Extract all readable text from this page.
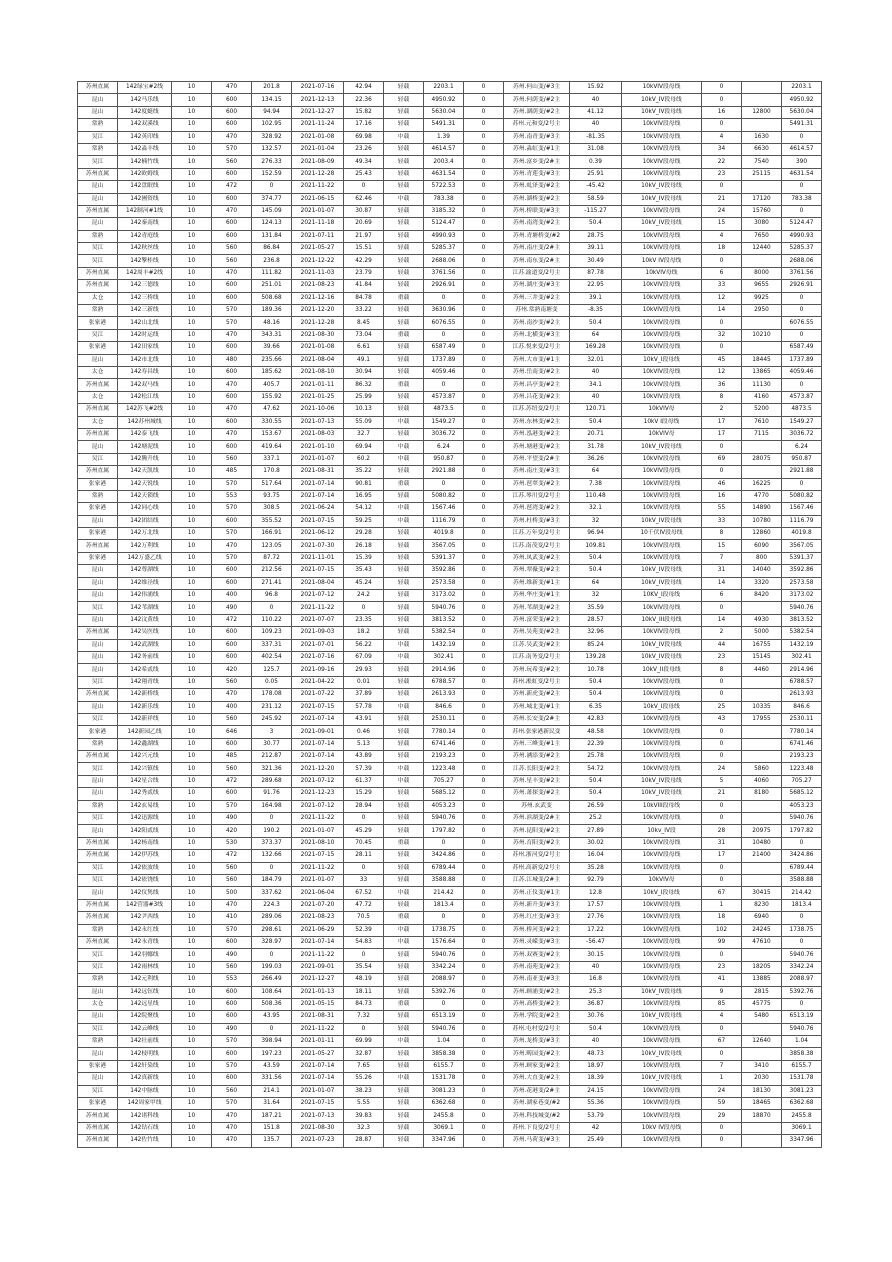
苏州直属	142绿宝#2线	10	470	201.8	2021-07-16	42.94	轻载	2203.1	0	苏州.何山变/#3主	15.92	10kVIV段母线	0		2203.1
昆山	142马乐线	10	600	134.15	2021-12-13	22.36	轻载	4950.92	0	苏州.何荫变/#2主	40	10kV_IV段母线	0		4950.92
昆山	142度蜓线	10	600	94.94	2021-12-27	15.82	轻载	5630.04	0	苏州.湖荫变/#2主	41.12	10kV_IV段母线	16	12800	5630.04
常熟	142双溪线	10	600	102.95	2021-11-24	17.16	轻载	5491.31	0	苏州.元和变/2号主	40	10kVIV段母线	0		5491.31
吴江	142英印线	10	470	328.92	2021-01-08	69.98	中载	1.39	0	苏州.南青变/#3主	-81.35	10kVIV段母线	4	1630	0
常熟	142淼丰线	10	570	132.57	2021-01-04	23.26	轻载	4614.57	0	苏州.淼虹变/#1主	31.08	10kVIV段母线	34	6630	4614.57
吴江	142楠竹线	10	560	276.33	2021-08-09	49.34	轻载	2003.4	0	苏州.富乡变/2#主	0.39	10kVIV段母线	22	7540	390
苏州直属	142欧姆线	10	600	152.59	2021-12-28	25.43	轻载	4631.54	0	苏州.青莲变/#3主	25.91	10kVIV段母线	23	25115	4631.54
昆山	142盘眠线	10	472	0	2021-11-22	0	轻载	5722.53	0	苏州.虬泽变/#2主	-45.42	10kV_IV段母线	0		0
昆山	142圃资线	10	600	374.77	2021-06-15	62.46	中载	783.38	0	苏州.湖桥变/#2主	58.59	10kV_IV段母线	21	17120	783.38
苏州直属	142制河#1线	10	470	145.09	2021-01-07	30.87	轻载	3185.32	0	苏州.桥联变/#3主	-115.27	10kVIV段母线	24	15760	0
昆山	142秦南线	10	600	124.13	2021-11-18	20.69	轻载	5124.47	0	苏州.南湾变/#2主	50.4	10kV_IV段母线	15	3080	5124.47
常熟	142青庭线	10	600	131.84	2021-07-11	21.97	轻载	4990.93	0	苏州.青塘桥变/#2	28.75	10kVIV段母线	4	7650	4990.93
吴江	142秋丝线	10	560	86.84	2021-05-27	15.51	轻载	5285.37	0	苏州.南庄变/2#主	39.11	10kVIV段母线	18	12440	5285.37
吴江	142擎桂线	10	560	236.8	2021-12-22	42.29	轻载	2688.06	0	苏州.南东变/2#主	30.49	10kV IV段母线	0		2688.06
苏州直属	142周丰#2线	10	470	111.82	2021-11-03	23.79	轻载	3761.56	0	江苏.渝道变/2号主	87.78	10kVIV母线	6	8000	3761.56
苏州直属	142三德线	10	600	251.01	2021-08-23	41.84	轻载	2926.91	0	苏州.湖庄变/#3主	22.95	10kVIV段母线	33	9655	2926.91
太仓	142三桥线	10	600	508.68	2021-12-16	84.78	重载	0	0	苏州.三井变/#2主	39.1	10kVIV段母线	12	9925	0
常熟	142三新线	10	570	189.36	2021-12-20	33.22	轻载	3630.96	0	苏州.常熟南塘变	-8.35	10kVIV段母线	14	2950	0
张家港	142山北线	10	570	48.16	2021-12-28	8.45	轻载	6076.55	0	苏州.南沙变/#2主	50.4	10kVIV段母线	0		6076.55
吴江	142时运线	10	470	343.31	2021-08-30	73.04	重载	0	0	苏州.北横变/#3主	64	10kVIV段母线	32	10210	0
张家港	142田家线	10	600	39.66	2021-01-08	6.61	轻载	6587.49	0	江苏.悦来变/2号主	169.28	10kVIV段母线	0		6587.49
昆山	142市北线	10	480	235.66	2021-08-04	49.1	轻载	1737.89	0	苏州.大市变/#1主	32.01	10kV_I段母线	45	18445	1737.89
太仓	142寿昌线	10	600	185.62	2021-08-10	30.94	轻载	4059.46	0	苏州.岳南变/#2主	40	10kVIV段母线	12	13865	4059.46
苏州直属	142双马线	10	470	405.7	2021-01-11	86.32	重载	0	0	苏州.昌亭变/#2主	34.1	10kVIV段母线	36	11130	0
太仓	142松江线	10	600	155.92	2021-01-25	25.99	轻载	4573.87	0	苏州.吕花变/#2主	40	10kVIV段母线	8	4160	4573.87
苏州直属	142苏飞#2线	10	470	47.62	2021-10-06	10.13	轻载	4873.5	0	江苏.苏纽变/2号主	120.71	10kVIV母	2	5200	4873.5
太仓	142苏州城线	10	600	330.55	2021-07-13	55.09	中载	1549.27	0	苏州.东林变/#2主	50.4	10kV I段母线	17	7610	1549.27
苏州直属	142泰飞线	10	470	153.67	2021-08-03	32.7	轻载	3036.72	0	苏州.泓港变/#2主	20.71	10kVIV母	17	7115	3036.72
昆山	142塘泥线	10	600	419.64	2021-01-10	69.94	中载	6.24	0	苏州.塘港变/#2主	31.78	10kV_IV段母线	0		6.24
吴江	142腾升线	10	560	337.1	2021-01-07	60.2	中载	950.87	0	苏州.平望变/2#主	36.26	10kVIV段母线	69	28075	950.87
苏州直属	142天凯线	10	485	170.8	2021-08-31	35.22	轻载	2921.88	0	苏州.南庄变/#3主	64	10kVIV段母线	0		2921.88
张家港	142天锐线	10	570	517.64	2021-07-14	90.81	重载	0	0	苏州.琶翠变/#2主	7.38	10kVIV段母线	46	16225	0
常熟	142天锁线	10	553	93.75	2021-07-14	16.95	轻载	5080.82	0	江苏.琴川变/2号主	110.48	10kVIV段母线	16	4770	5080.82
张家港	142同心线	10	570	308.5	2021-06-24	54.12	中载	1567.46	0	苏州.琶湾变/#2主	32.1	10kVIV段母线	55	14890	1567.46
昆山	142团结线	10	600	355.52	2021-07-15	59.25	中载	1116.79	0	苏州.杜桥变/#3主	32	10kV_IV段母线	33	10780	1116.79
张家港	142万北线	10	570	166.91	2021-06-12	29.28	轻载	4019.8	0	江苏.万年变/2号主	96.94	10千伏IV段母线	8	12860	4019.8
苏州直属	142万利线	10	470	123.05	2021-07-30	26.18	轻载	3567.05	0	江苏.南茂变/2号主	109.81	10kVIV段母线	15	6090	3567.05
张家港	142万盛乙线	10	570	87.72	2021-11-01	15.39	轻载	5391.37	0	苏州.凤武变/#2主	50.4	10kVIV段母线	7	800	5391.37
昆山	142尊湖线	10	600	212.56	2021-07-15	35.43	轻载	3592.86	0	苏州.翠薇变/#2主	50.4	10kV_IV段母线	31	14040	3592.86
昆山	142维泾线	10	600	271.41	2021-08-04	45.24	轻载	2573.58	0	苏州.维新变/#1主	64	10kV_IV段母线	14	3320	2573.58
昆山	142伟浦线	10	400	96.8	2021-07-12	24.2	轻载	3173.02	0	苏州.华庄变/#1主	32	10KV_I段母线	6	8420	3173.02
吴江	142苇湖线	10	490	0	2021-11-22	0	轻载	5940.76	0	苏州.苇湖变/#2主	35.59	10kVIV段母线	0		5940.76
昆山	142汶黄线	10	472	110.22	2021-07-07	23.35	轻载	3813.52	0	苏州.富荣变/#2主	28.57	10kV_III段母线	14	4930	3813.52
苏州直属	142吴医线	10	600	109.23	2021-09-03	18.2	轻载	5382.54	0	苏州.吴苑变/#2主	32.96	10kVIV段母线	2	5000	5382.54
昆山	142武湖线	10	600	337.31	2021-07-01	56.22	中载	1432.19	0	江苏.吴武变/#2主	85.24	10kV_IV段母线	44	16755	1432.19
昆山	142务前线	10	600	402.54	2021-07-16	67.09	中载	302.41	0	江苏.南务变/2号主	139.28	10kV_IV段母线	23	15145	302.41
昆山	142希贰线	10	420	125.7	2021-09-16	29.93	轻载	2914.96	0	苏州.玩希变/#2主	10.78	10kV_II段母线	8	4460	2914.96
吴江	142翔青线	10	560	0.05	2021-04-22	0.01	轻载	6788.57	0	苏州.淞虹变/2号主	50.4	10kVIV段母线	0		6788.57
苏州直属	142新桥线	10	470	178.08	2021-07-22	37.89	轻载	2613.93	0	苏州.新虎变/#2主	50.4	10kVIV段母线	0		2613.93
昆山	142新乐线	10	400	231.12	2021-07-15	57.78	中载	846.6	0	苏州.城北变/#1主	6.35	10kV_I段母线	25	10335	846.6
吴江	142新祥线	10	560	245.92	2021-07-14	43.91	轻载	2530.11	0	苏州.长安变/2#主	42.83	10kVIV段母线	43	17955	2530.11
张家港	142新园乙线	10	646	3	2021-09-01	0.46	轻载	7780.14	0	苏州.张家港新民变	48.58	10kVIV段母线	0		7780.14
常熟	142鑫湖线	10	600	30.77	2021-07-14	5.13	轻载	6741.46	0	苏州.三峰变/#1主	22.39	10kVIV段母线	0		6741.46
苏州直属	142兴元线	10	485	212.87	2021-07-14	43.89	轻载	2193.23	0	苏州.涵添变/#2主	25.78	10kVIV段母线	0		2193.23
吴江	142兴镇线	10	560	321.36	2021-12-20	57.39	中载	1223.48	0	江苏.长阳变/#2主	54.72	10kVIV段母线	24	5860	1223.48
昆山	142星合线	10	472	289.68	2021-07-12	61.37	中载	705.27	0	苏州.星丰变/#2主	50.4	10kV_IV段母线	5	4060	705.27
昆山	142秀贰线	10	600	91.76	2021-12-23	15.29	轻载	5685.12	0	苏州.萧探变/#2主	50.4	10kV_IV段母线	21	8180	5685.12
常熟	142玄易线	10	570	164.98	2021-07-12	28.94	轻载	4053.23	0	苏州.玄武变	26.59	10kVIII段母线	0		4053.23
吴江	142迅源线	10	490	0	2021-11-22	0	轻载	5940.76	0	苏州.滨湖变/2#主	25.2	10kVIV段母线	0		5940.76
昆山	142阳贰线	10	420	190.2	2021-01-07	45.29	轻载	1797.82	0	苏州.昆阳变/#2主	27.89	10kv_IV段	28	20975	1797.82
苏州直属	142杨南线	10	530	373.37	2021-08-10	70.45	重载	0	0	苏州.育阳变/#2主	30.02	10kVIV段母线	31	10480	0
苏州直属	142伊苏线	10	472	132.66	2021-07-15	28.11	轻载	3424.86	0	苏州.浙河变/2号主	16.04	10kVIV段母线	17	21400	3424.86
吴江	142依波线	10	560	0	2021-11-22	0	轻载	6789.44	0	苏州.高新变/2号主	35.28	10kVIV段母线	0		6789.44
吴江	142依饶线	10	560	184.79	2021-01-07	33	轻载	3588.88	0	江苏.江城变/2#主	92.79	10kVIV母	0		3588.88
昆山	142仪隽线	10	500	337.62	2021-06-04	67.52	中载	214.42	0	苏州.正仪变/#1主	12.8	10kV_I段母线	67	30415	214.42
苏州直属	142营器#3线	10	470	224.3	2021-07-20	47.72	轻载	1813.4	0	苏州.新升变/#3主	17.57	10kVIV段母线	1	8230	1813.4
苏州直属	142尹西线	10	410	289.06	2021-08-23	70.5	重载	0	0	苏州.红庄变/#3主	27.76	10kVIV段母线	18	6940	0
常熟	142永红线	10	570	298.61	2021-06-29	52.39	中载	1738.75	0	苏州.桥河变/#2主	17.22	10kVIV段母线	102	24245	1738.75
苏州直属	142永青线	10	600	328.97	2021-07-14	54.83	中载	1576.64	0	苏州.灵嵘变/#3主	-56.47	10kVIV段母线	99	47610	0
吴江	142羽娜线	10	490	0	2021-11-22	0	轻载	5940.76	0	苏州.双赛变/#2主	30.15	10kVIV段母线	0		5940.76
吴江	142雨林线	10	560	199.03	2021-09-01	35.54	轻载	3342.24	0	苏州.南苑变/#2主	40	10kVIV段母线	23	18205	3342.24
常熟	142元利线	10	553	266.49	2021-12-27	48.19	轻载	2088.97	0	苏州.南亚变/#3主	16.8	10kVIV段母线	41	13885	2088.97
昆山	142远钰线	10	600	108.64	2021-01-13	18.11	轻载	5392.76	0	苏州.顾浦变/#2主	25.3	10kV_IV段母线	9	2815	5392.76
太仓	142远星线	10	600	508.36	2021-05-15	84.73	重载	0	0	苏州.高桥变/#2主	36.87	10kVIV段母线	85	45775	0
昆山	142院聚线	10	600	43.95	2021-08-31	7.32	轻载	6513.19	0	苏州.学院变/#2主	30.76	10kV_IV段母线	4	5480	6513.19
吴江	142云峰线	10	490	0	2021-11-22	0	轻载	5940.76	0	苏州.屯村变/2号主	50.4	10kVIV段母线	0		5940.76
常熟	142壮前线	10	570	398.94	2021-01-11	69.99	中载	1.04	0	苏州.龙桥变/#3主	40	10kVIV段母线	67	12640	1.04
昆山	142枝明线	10	600	197.23	2021-05-27	32.87	轻载	3858.38	0	苏州.畴园变/#2主	48.73	10kV_IV段母线	0		3858.38
张家港	142轩染线	10	570	43.59	2021-07-14	7.65	轻载	6155.7	0	苏州.顾家变/#2主	18.97	10kVIV段母线	7	3410	6155.7
昆山	142真新线	10	600	331.56	2021-07-14	55.26	中载	1531.78	0	苏州.大直变/#2主	18.39	10kV_IV段母线	1	2030	1531.78
吴江	142中脉线	10	560	214.1	2021-01-07	38.23	轻载	3081.23	0	苏州.花港变/2#主	24.15	10kVIV段母线	24	18130	3081.23
张家港	142周家甲线	10	570	31.64	2021-07-15	5.55	轻载	6362.68	0	苏州.湖家巷变/#2	55.36	10kVIV段母线	59	18465	6362.68
苏州直属	142诸科线	10	470	187.21	2021-07-13	39.83	轻载	2455.8	0	苏州.科技城变/#2	53.79	10kVIV段母线	29	18870	2455.8
苏州直属	142钻石线	10	470	151.8	2021-08-30	32.3	轻载	3069.1	0	苏州.下良变/2号主	42	10kV IV段母线	0		3069.1
苏州直属	142佐竹线	10	470	135.7	2021-07-23	28.87	轻载	3347.96	0	苏州.马荷变/#3主	25.49	10kVIV段母线	0		3347.96
